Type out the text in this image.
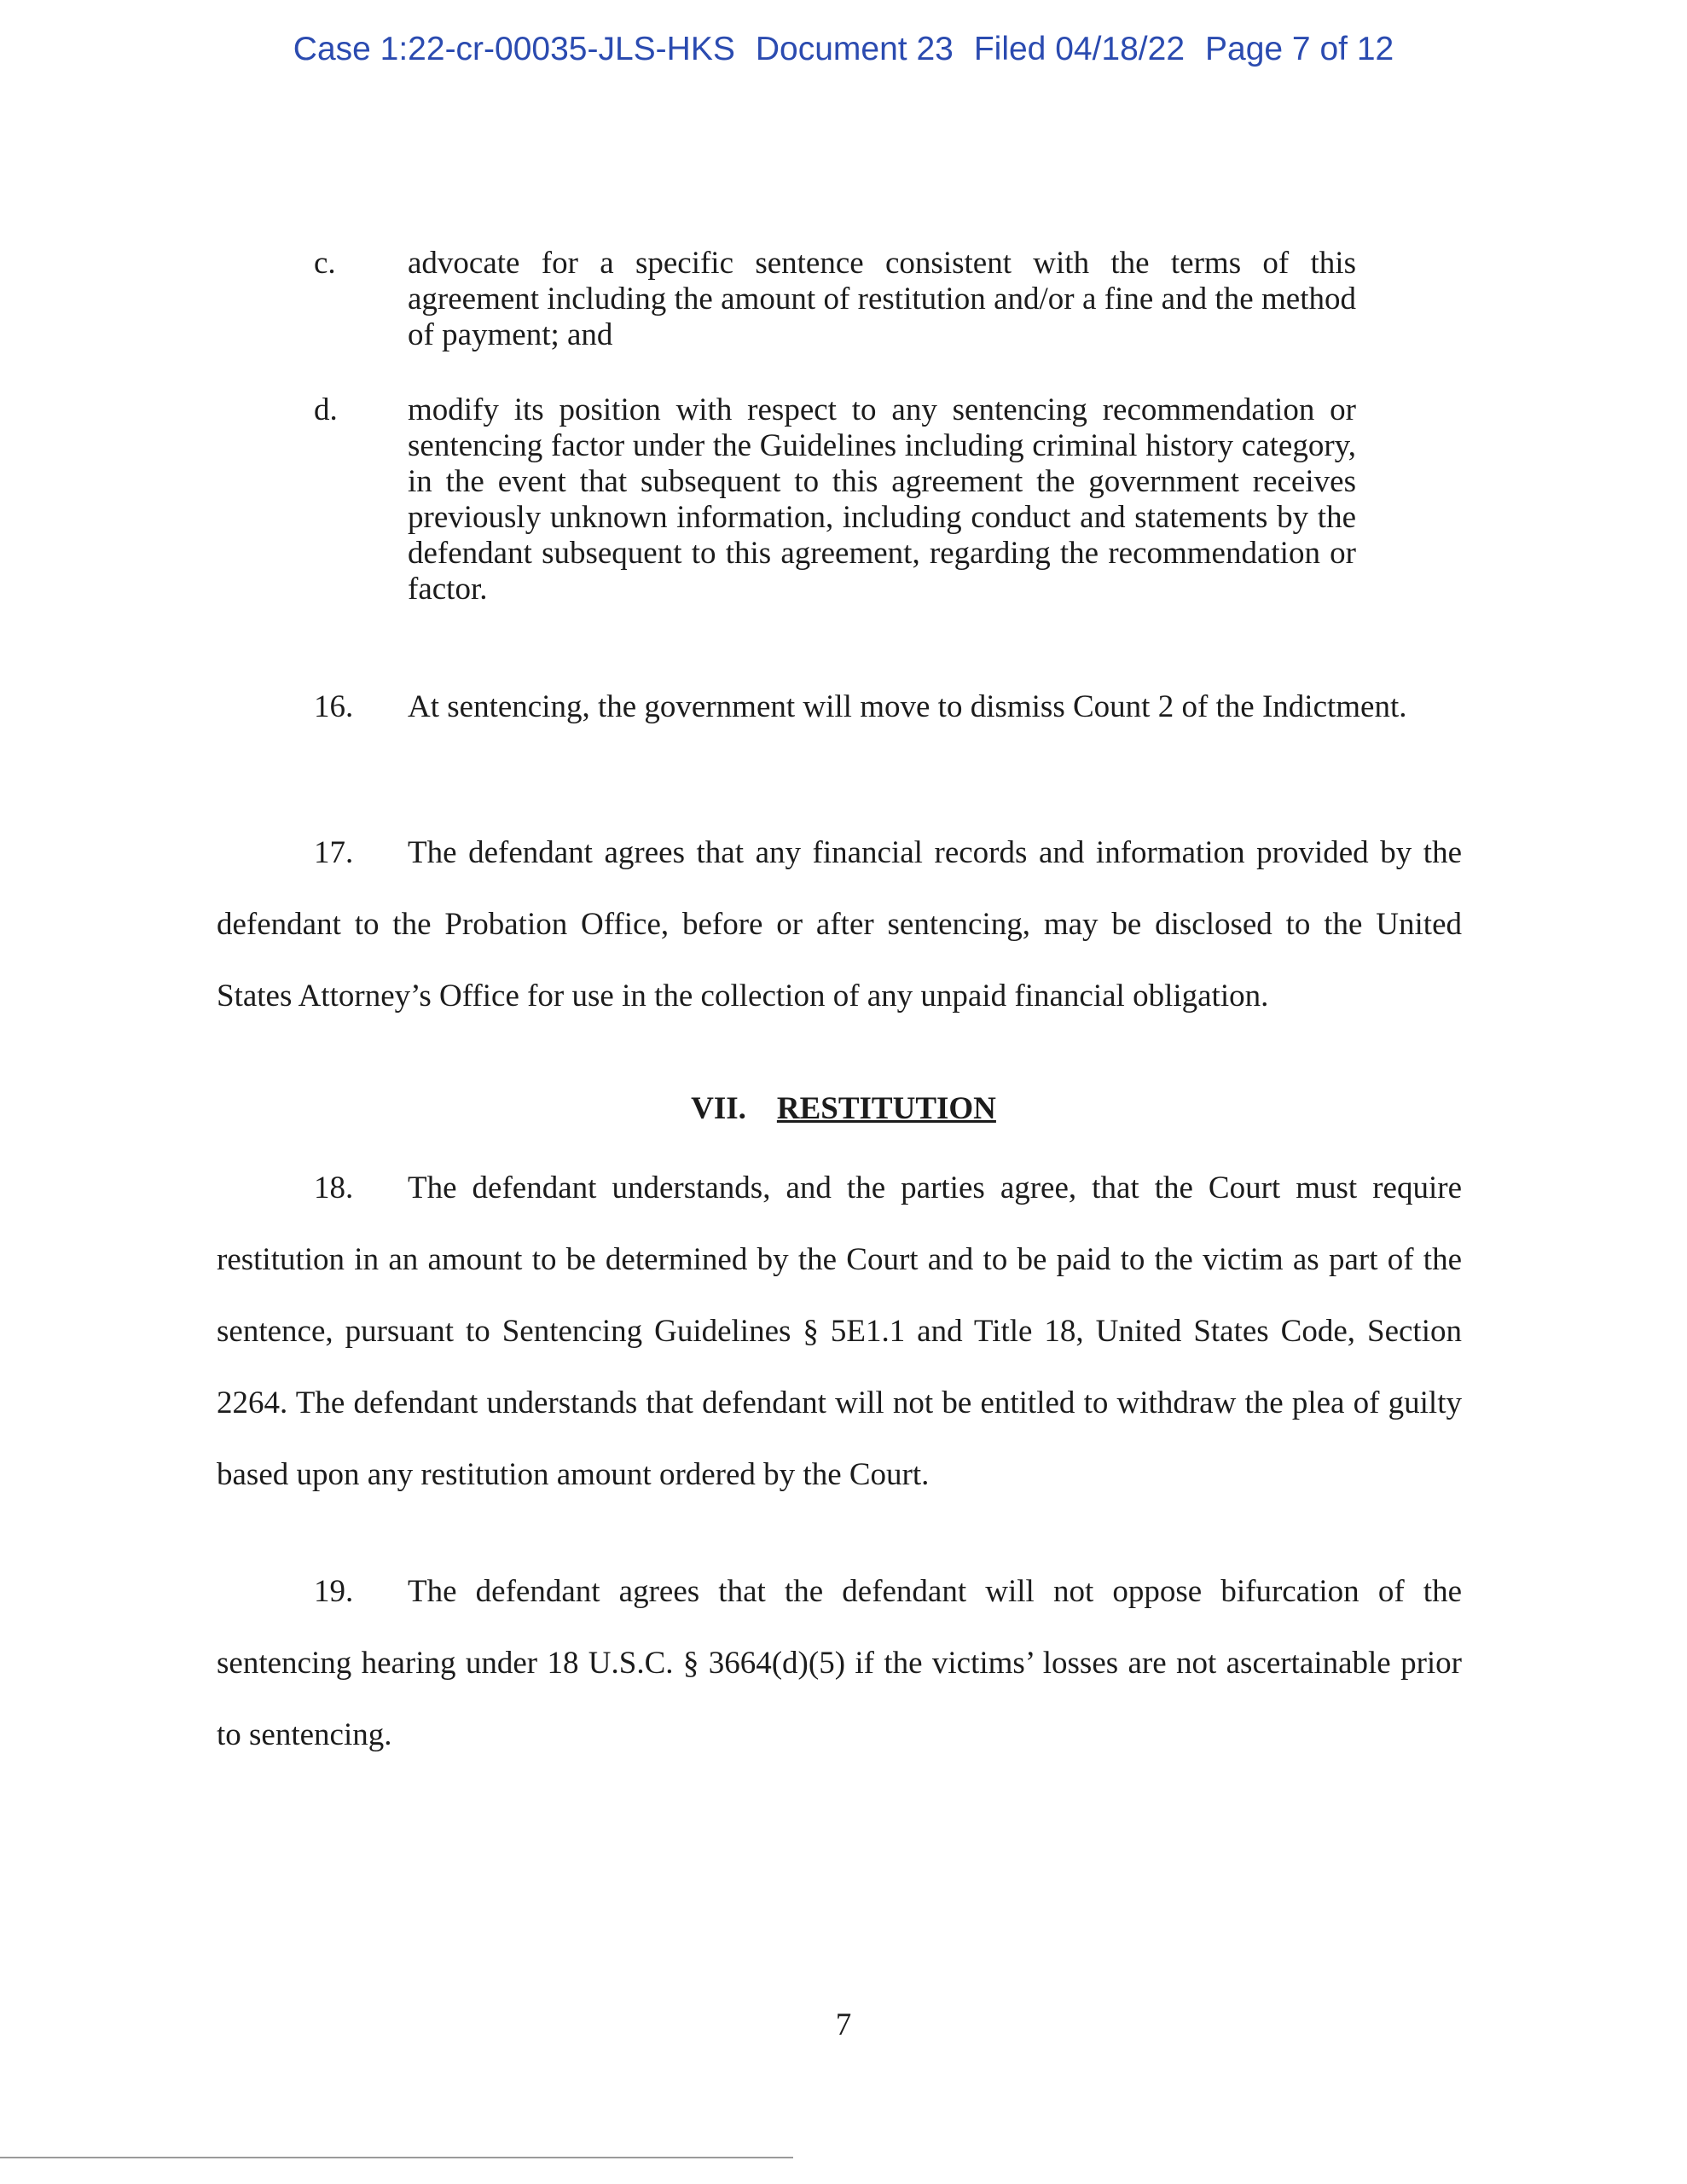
Case 1:22-cr-00035-JLS-HKS Document 23 Filed 04/18/22 Page 7 of 12
c. advocate for a specific sentence consistent with the terms of this agreement including the amount of restitution and/or a fine and the method of payment; and
d. modify its position with respect to any sentencing recommendation or sentencing factor under the Guidelines including criminal history category, in the event that subsequent to this agreement the government receives previously unknown information, including conduct and statements by the defendant subsequent to this agreement, regarding the recommendation or factor.
16. At sentencing, the government will move to dismiss Count 2 of the Indictment.
17. The defendant agrees that any financial records and information provided by the defendant to the Probation Office, before or after sentencing, may be disclosed to the United States Attorney’s Office for use in the collection of any unpaid financial obligation.
VII. RESTITUTION
18. The defendant understands, and the parties agree, that the Court must require restitution in an amount to be determined by the Court and to be paid to the victim as part of the sentence, pursuant to Sentencing Guidelines § 5E1.1 and Title 18, United States Code, Section 2264. The defendant understands that defendant will not be entitled to withdraw the plea of guilty based upon any restitution amount ordered by the Court.
19. The defendant agrees that the defendant will not oppose bifurcation of the sentencing hearing under 18 U.S.C. § 3664(d)(5) if the victims’ losses are not ascertainable prior to sentencing.
7
